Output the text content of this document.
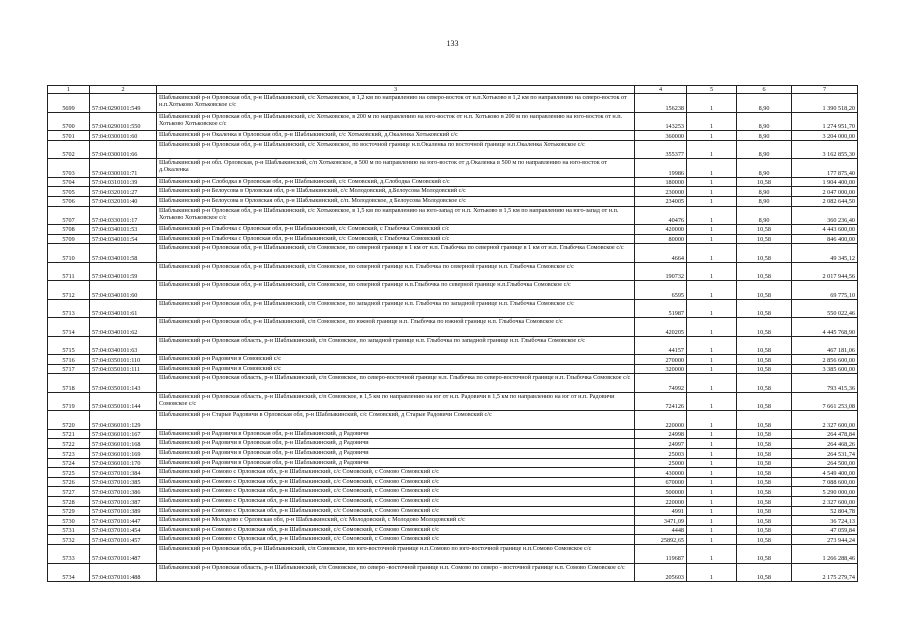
133
1	2	3	4	5	6	7
5699	57:04:0290101:549	Шаблыкинский р-н Орловская обл, р-н Шаблыкинский, с/с Хотьковское, в 1,2 км по направлению на северо-восток от н.п.Хотьково в 1,2 км по направлению на северо-восток от н.п.Хотьково Хотьковское с/с	156238	1	8,90	1 390 518,20
5700	57:04:0290101:550	Шаблыкинский р-н Орловская обл, р-н Шаблыкинский, с/с Хотьковское, в 200 м по направлению на юго-восток от н.п. Хотьково в 200 м по направлению на юго-восток от н.п. Хотьково Хотьковское с/с	143253	1	8,90	1 274 951,70
5701	57:04:0300101:60	Шаблыкинский р-н Окаленка в Орловская обл, р-н Шаблыкинский, с/с Хотьковский, д.Окаленка Хотьковский с/с	360000	1	8,90	3 204 000,00
5702	57:04:0300101:66	Шаблыкинский р-н Орловская обл, р-н Шаблыкинский, с/с Хотьковское, по восточной границе н.п.Окаленка по восточной границе н.п.Окаленка Хотьковское с/с	355377	1	8,90	3 162 855,30
5703	57:04:0300101:71	Шаблыкинский р-н обл. Орловская, р-н Шаблыкинский, с/п Хотьковское, в 500 м по направлению на юго-восток от д.Окаленка в 500 м по направлению на юго-восток от д.Окаленка	19986	1	8,90	177 875,40
5704	57:04:0310101:39	Шаблыкинский р-н Слободка в Орловская обл, р-н Шаблыкинский, с/с Сомовский, д.Слободка Сомовский с/с	180000	1	10,58	1 904 400,00
5705	57:04:0320101:27	Шаблыкинский р-н Белоусова в Орловская обл, р-н Шаблыкинский, с/с Молодовский, д.Белоусова Молодовский с/с	230000	1	8,90	2 047 000,00
5706	57:04:0320101:40	Шаблыкинский р-н Белоусова в Орловская обл, р-н Шаблыкинский, с/п. Молодовское, д Белоусова Молодовское с/с	234005	1	8,90	2 082 644,50
5707	57:04:0330101:17	Шаблыкинский р-н Орловская обл, р-н Шаблыкинский, с/с Хотьковское, в 1,5 км по направлению на юго-запад от н.п. Хотьково в 1,5 км по направлению на юго-запад от н.п. Хотьково Хотьковское с/с	40476	1	8,90	360 236,40
5708	57:04:0340101:53	Шаблыкинский р-н Глыбочка с Орловская обл, р-н Шаблыкинский, с/с Сомовский, с Глыбочка Сомовский с/с	420000	1	10,58	4 443 600,00
5709	57:04:0340101:54	Шаблыкинский р-н Глыбочка с Орловская обл, р-н Шаблыкинский, с/с Сомовский, с Глыбочка Сомовский с/с	80000	1	10,58	846 400,00
5710	57:04:0340101:58	Шаблыкинский р-н Орловская обл, р-н Шаблыкинский, с/п Сомовское, по северной границе в 1 км от н.п. Глыбочка по северной границе в 1 км от н.п. Глыбочка Сомовское с/с	4664	1	10,58	49 345,12
5711	57:04:0340101:59	Шаблыкинский р-н Орловская обл, р-н Шаблыкинский, с/п Сомовское, по северной границе н.п. Глыбочка по северной границе н.п. Глыбочка Сомовское с/с	190732	1	10,58	2 017 944,56
5712	57:04:0340101:60	Шаблыкинский р-н Орловская обл, р-н Шаблыкинский, с/п Сомовское, по северной границе н.п.Глыбочка по северной границе н.п.Глыбочка Сомовское с/с	6595	1	10,58	69 775,10
5713	57:04:0340101:61	Шаблыкинский р-н Орловская обл, р-н Шаблыкинский, с/п Сомовское, по западной границе н.п. Глыбочка по западной границе н.п. Глыбочка Сомовское с/с	51987	1	10,58	550 022,46
5714	57:04:0340101:62	Шаблыкинский р-н Орловская обл, р-н Шаблыкинский, с/п Сомовское, по южной границе н.п. Глыбочка по южной границе н.п. Глыбочка Сомовское с/с	420205	1	10,58	4 445 768,90
5715	57:04:0340101:63	Шаблыкинский р-н Орловская область, р-н Шаблыкинский, с/п Сомовское, по западной границе н.п. Глыбочка по западной границе н.п. Глыбочка Сомовское с/с	44157	1	10,58	467 181,06
5716	57:04:0350101:110	Шаблыкинский р-н Радовичи в Сомовский с/с	270000	1	10,58	2 856 600,00
5717	57:04:0350101:111	Шаблыкинский р-н Радовичи в Сомовский с/с	320000	1	10,58	3 385 600,00
5718	57:04:0350101:143	Шаблыкинский р-н Орловская область, р-н Шаблыкинский, с/п Сомовское, по северо-восточной границе н.п. Глыбочка по северо-восточной границе н.п. Глыбочка Сомовское с/с	74992	1	10,58	793 415,36
5719	57:04:0350101:144	Шаблыкинский р-н Орловская область, р-н Шаблыкинский, с/п Сомовское, в 1,5 км по направлению на юг от н.п. Радовичи в 1,5 км по направлению на юг от н.п. Радовичи Сомовское с/с	724126	1	10,58	7 661 253,08
5720	57:04:0360101:129	Шаблыкинский р-н Старые Радовичи в Орловская обл, р-н Шаблыкинский, с/с Сомовский, д Старые Радовичи Сомовский с/с	220000	1	10,58	2 327 600,00
5721	57:04:0360101:167	Шаблыкинский р-н Радовичи в Орловская обл, р-н Шаблыкинский, д Радовичи	24998	1	10,58	264 478,84
5722	57:04:0360101:168	Шаблыкинский р-н Радовичи в Орловская обл, р-н Шаблыкинский, д Радовичи	24997	1	10,58	264 468,26
5723	57:04:0360101:169	Шаблыкинский р-н Радовичи в Орловская обл, р-н Шаблыкинский, д Радовичи	25003	1	10,58	264 531,74
5724	57:04:0360101:170	Шаблыкинский р-н Радовичи в Орловская обл, р-н Шаблыкинский, д Радовичи	25000	1	10,58	264 500,00
5725	57:04:0370101:384	Шаблыкинский р-н Сомово с Орловская обл, р-н Шаблыкинский, с/с Сомовский, с Сомово Сомовский с/с	430000	1	10,58	4 549 400,00
5726	57:04:0370101:385	Шаблыкинский р-н Сомово с Орловская обл, р-н Шаблыкинский, с/с Сомовский, с Сомово Сомовский с/с	670000	1	10,58	7 088 600,00
5727	57:04:0370101:386	Шаблыкинский р-н Сомово с Орловская обл, р-н Шаблыкинский, с/с Сомовский, с Сомово Сомовский с/с	500000	1	10,58	5 290 000,00
5728	57:04:0370101:387	Шаблыкинский р-н Сомово с Орловская обл, р-н Шаблыкинский, с/с Сомовский, с Сомово Сомовский с/с	220000	1	10,58	2 327 600,00
5729	57:04:0370101:389	Шаблыкинский р-н Сомово с Орловская обл, р-н Шаблыкинский, с/с Сомовский, с Сомово Сомовский с/с	4991	1	10,58	52 804,78
5730	57:04:0370101:447	Шаблыкинский р-н Молодово с Орловская обл, р-н Шаблыкинский, с/с Молодовский, с Молодово Молодовский с/с	3471,09	1	10,58	36 724,13
5731	57:04:0370101:454	Шаблыкинский р-н Сомово с Орловская обл, р-н Шаблыкинский, с/с Сомовский, с Сомово Сомовский с/с	4448	1	10,58	47 059,84
5732	57:04:0370101:457	Шаблыкинский р-н Сомово с Орловская обл, р-н Шаблыкинский, с/с Сомовский, с Сомово Сомовский с/с	25892,65	1	10,58	273 944,24
5733	57:04:0370101:487	Шаблыкинский р-н Орловская обл, р-н Шаблыкинский, с/п Сомовское, по юго-восточной границе н.п.Сомово по юго-восточной границе н.п.Сомово Сомовское с/с	119687	1	10,58	1 266 288,46
5734	57:04:0370101:488	Шаблыкинский р-н Орловская область, р-н Шаблыкинский, с/п Сомовское, по северо -восточной границе н.п. Сомово по северо - восточной границе н.п. Сомово Сомовское с/с	205603	1	10,58	2 175 279,74
